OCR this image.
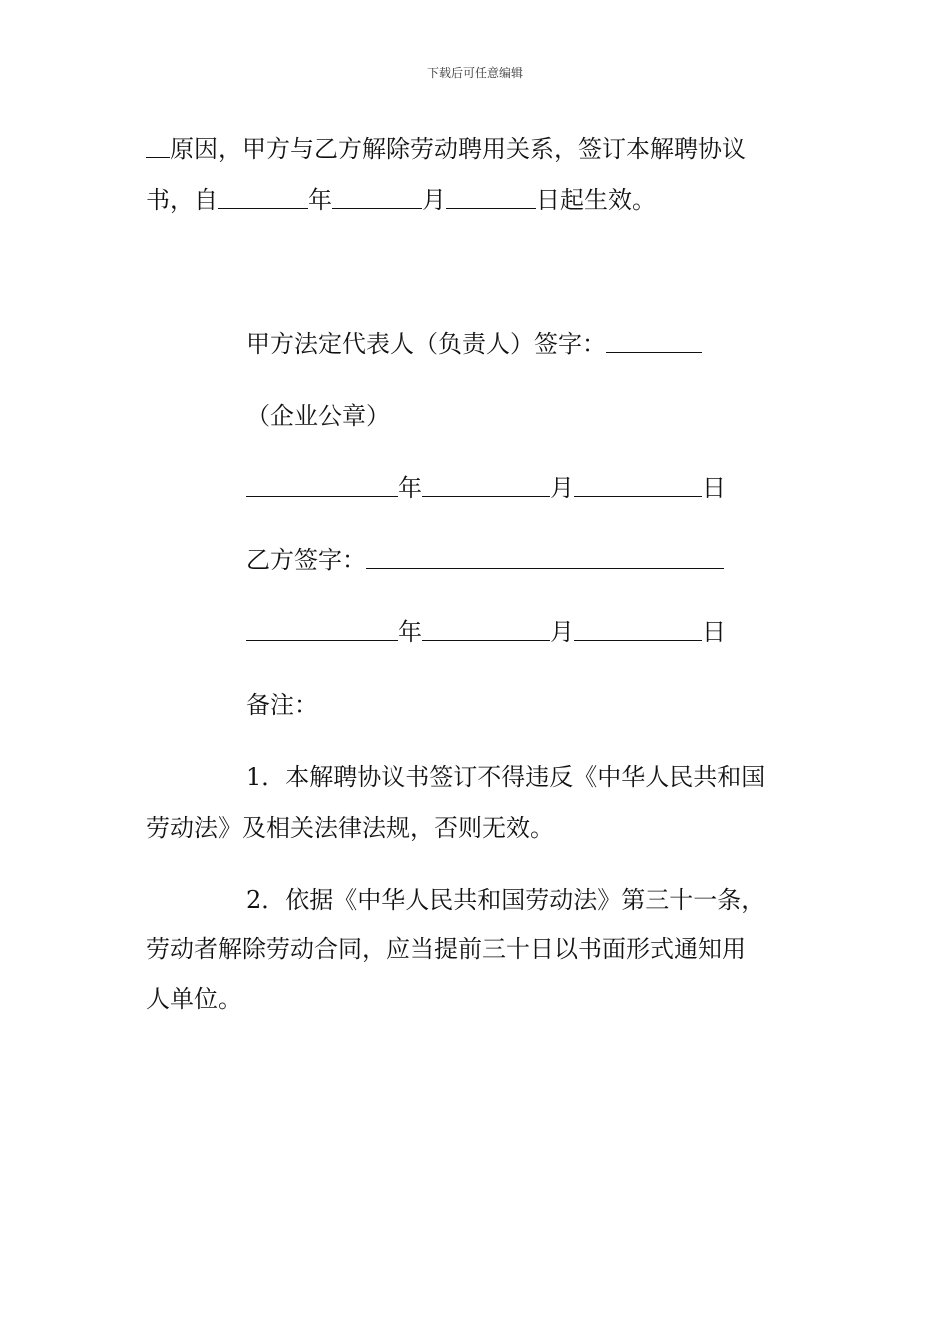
下载后可任意编辑
原因，甲方与乙方解除劳动聘用关系，签订本解聘协议
书，自	年	月	日起生效。
甲方法定代表人（负责人）签字：
（企业公章）
年	月	日
乙方签字：
年	月	日
备注：
1．本解聘协议书签订不得违反《中华人民共和国
劳动法》及相关法律法规，否则无效。
2．依据《中华人民共和国劳动法》第三十一条，
劳动者解除劳动合同，应当提前三十日以书面形式通知用
人单位。
